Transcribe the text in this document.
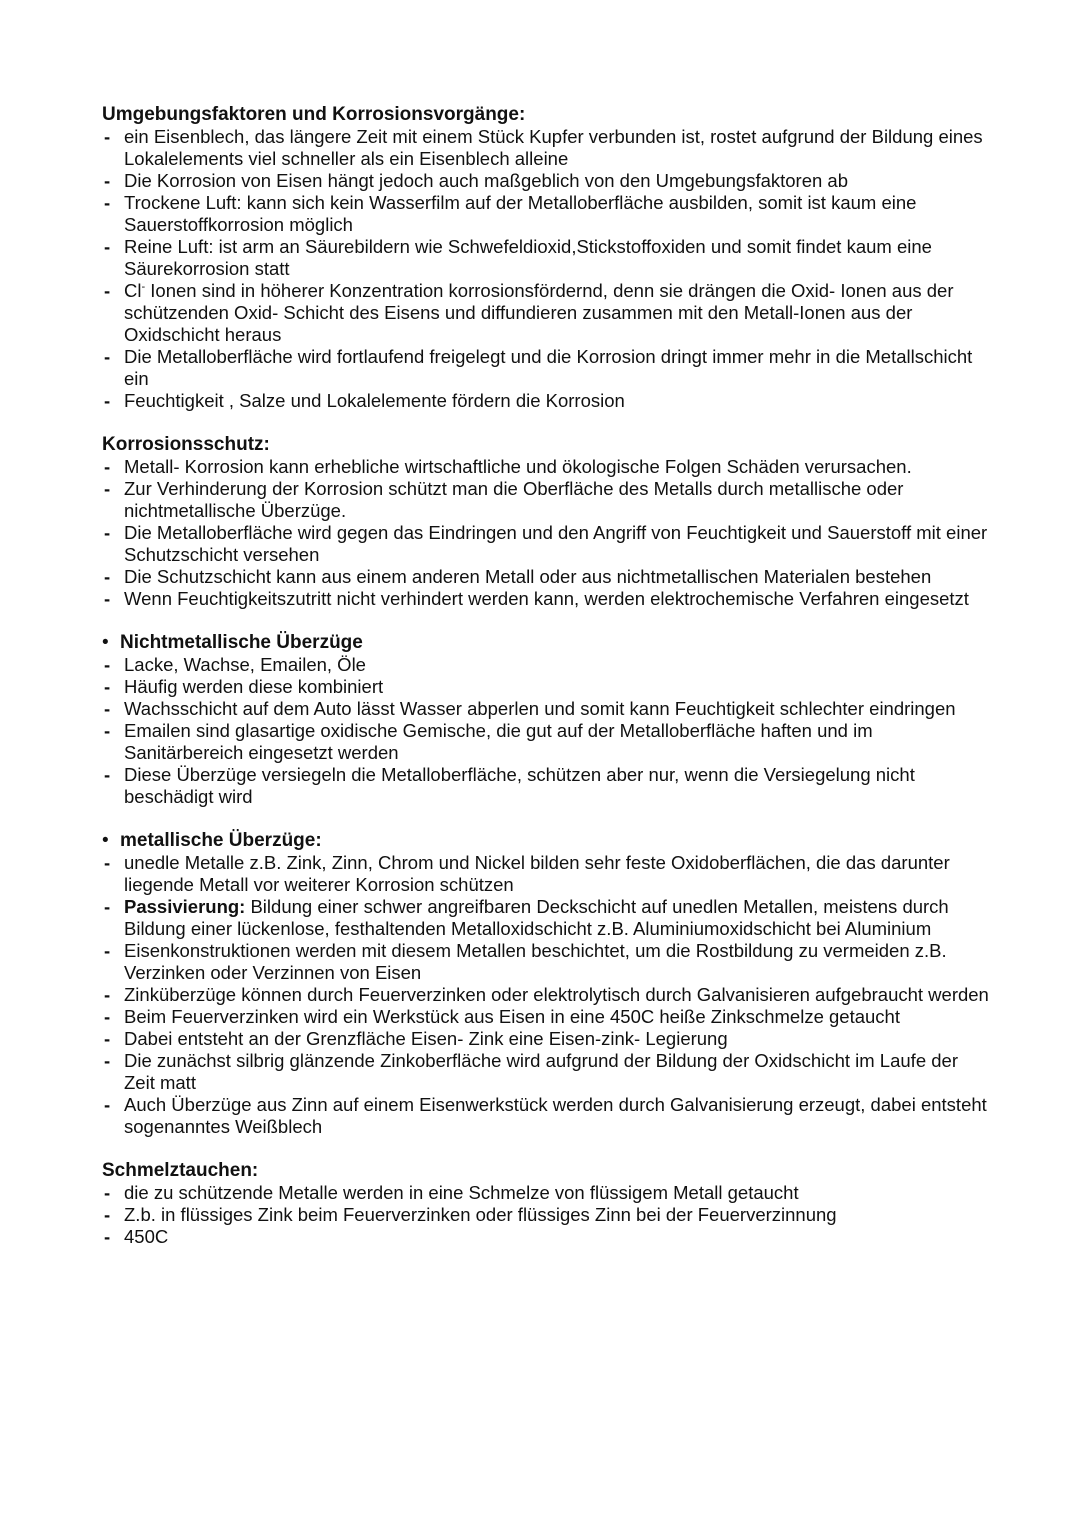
Umgebungsfaktoren und Korrosionsvorgänge:

- ein Eisenblech, das längere Zeit mit einem Stück Kupfer verbunden ist, rostet aufgrund der Bildung eines Lokalelements viel schneller als ein Eisenblech alleine
- Die Korrosion von Eisen hängt jedoch auch maßgeblich von den Umgebungsfaktoren ab
- Trockene Luft: kann sich kein Wasserfilm auf der Metalloberfläche ausbilden, somit ist kaum eine Sauerstoffkorrosion möglich
- Reine Luft: ist arm an Säurebildern wie Schwefeldioxid,Stickstoffoxiden und somit findet kaum eine Säurekorrosion statt
- Cl- Ionen sind in höherer Konzentration korrosionsfördernd, denn sie drängen die Oxid- Ionen aus der schützenden Oxid- Schicht des Eisens und diffundieren zusammen mit den Metall-Ionen aus der Oxidschicht heraus
- Die Metalloberfläche wird fortlaufend freigelegt und die Korrosion dringt immer mehr in die Metallschicht ein
- Feuchtigkeit , Salze und Lokalelemente fördern die Korrosion

Korrosionsschutz:

- Metall- Korrosion kann erhebliche wirtschaftliche und ökologische Folgen Schäden verursachen.
- Zur Verhinderung der Korrosion schützt man die Oberfläche des Metalls durch metallische oder nichtmetallische Überzüge.
- Die Metalloberfläche wird gegen das Eindringen und den Angriff von Feuchtigkeit und Sauerstoff mit einer Schutzschicht versehen
- Die Schutzschicht kann aus einem anderen Metall oder aus nichtmetallischen Materialen bestehen
- Wenn Feuchtigkeitszutritt nicht verhindert werden kann, werden elektrochemische Verfahren eingesetzt

• Nichtmetallische Überzüge

- Lacke, Wachse, Emailen, Öle
- Häufig werden diese kombiniert
- Wachsschicht auf dem Auto lässt Wasser abperlen und somit kann Feuchtigkeit schlechter eindringen
- Emailen sind glasartige oxidische Gemische, die gut auf der Metalloberfläche haften und im Sanitärbereich eingesetzt werden
- Diese Überzüge versiegeln die Metalloberfläche, schützen aber nur, wenn die Versiegelung nicht beschädigt wird

• metallische Überzüge:

- unedle Metalle z.B. Zink, Zinn, Chrom und Nickel bilden sehr feste Oxidoberflächen, die das darunter liegende Metall vor weiterer Korrosion schützen
- Passivierung: Bildung einer schwer angreifbaren Deckschicht auf unedlen Metallen, meistens durch Bildung einer lückenlose, festhaltenden Metalloxidschicht z.B. Aluminiumoxidschicht bei Aluminium
- Eisenkonstruktionen werden mit diesem Metallen beschichtet, um die Rostbildung zu vermeiden z.B. Verzinken oder Verzinnen von Eisen
- Zinküberzüge können durch Feuerverzinken oder elektrolytisch durch Galvanisieren aufgebraucht werden
- Beim Feuerverzinken wird ein Werkstück aus Eisen in eine 450C heiße Zinkschmelze getaucht
- Dabei entsteht an der Grenzfläche Eisen- Zink eine Eisen-zink- Legierung
- Die zunächst silbrig glänzende Zinkoberfläche wird aufgrund der Bildung der Oxidschicht im Laufe der Zeit matt
- Auch Überzüge aus Zinn auf einem Eisenwerkstück werden durch Galvanisierung erzeugt, dabei entsteht sogenanntes Weißblech

Schmelztauchen:

- die zu schützende Metalle werden in eine Schmelze von flüssigem Metall getaucht
- Z.b. in flüssiges Zink beim Feuerverzinken oder flüssiges Zinn bei der Feuerverzinnung
- 450C
